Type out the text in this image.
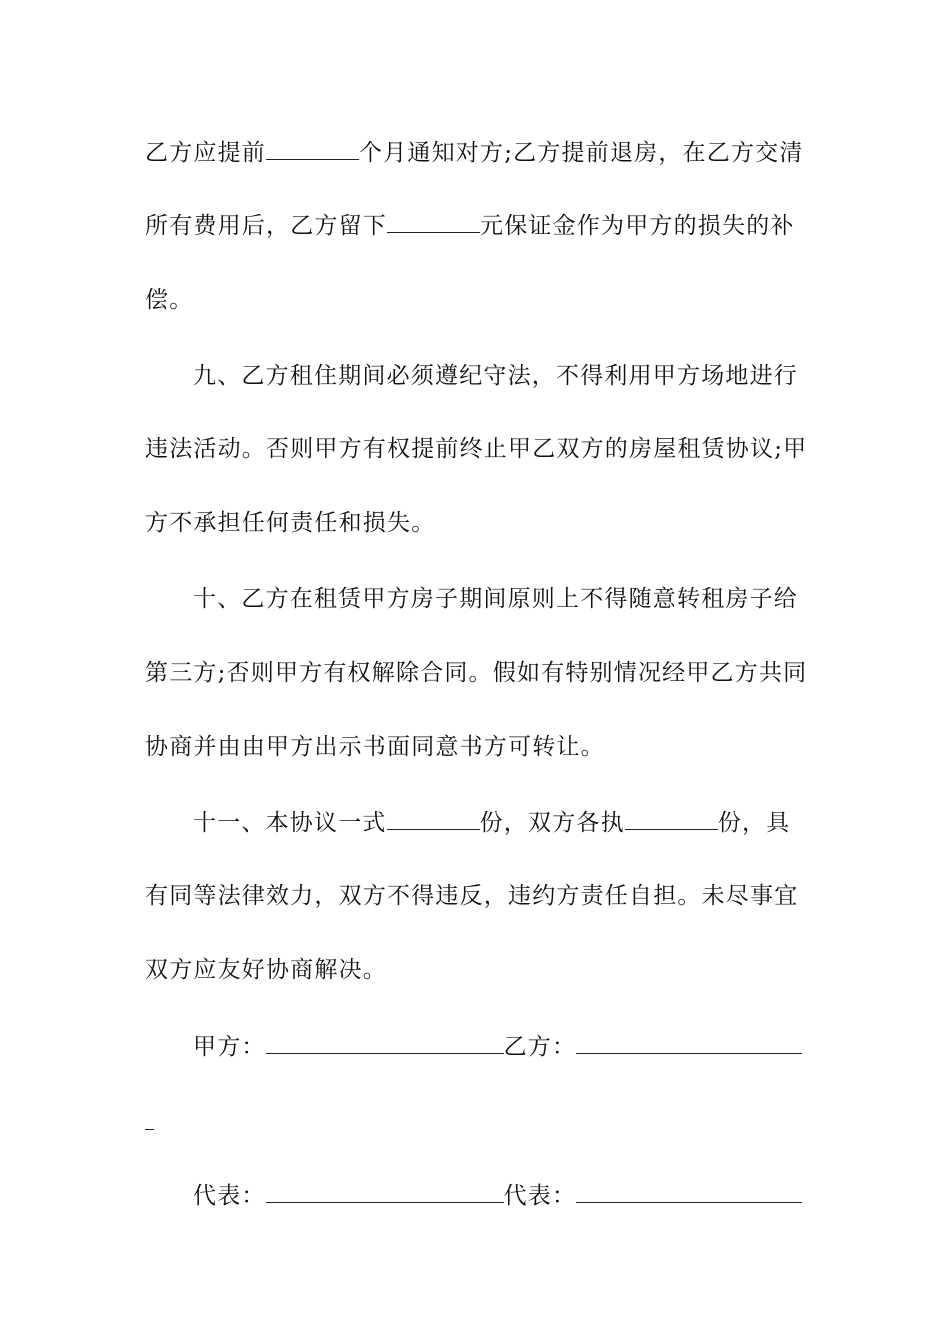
乙方应提前	个月通知对方;乙方提前退房，在乙方交清
所有费用后，乙方留下	元保证金作为甲方的损失的补
偿。
九、乙方租住期间必须遵纪守法，不得利用甲方场地进行
违法活动。否则甲方有权提前终止甲乙双方的房屋租赁协议;甲
方不承担任何责任和损失。
十、乙方在租赁甲方房子期间原则上不得随意转租房子给
第三方;否则甲方有权解除合同。假如有特别情况经甲乙方共同
协商并由由甲方出示书面同意书方可转让。
十一、本协议一式	份，双方各执	份，具
有同等法律效力，双方不得违反，违约方责任自担。未尽事宜
双方应友好协商解决。
甲方：	乙方：
代表：	代表：
